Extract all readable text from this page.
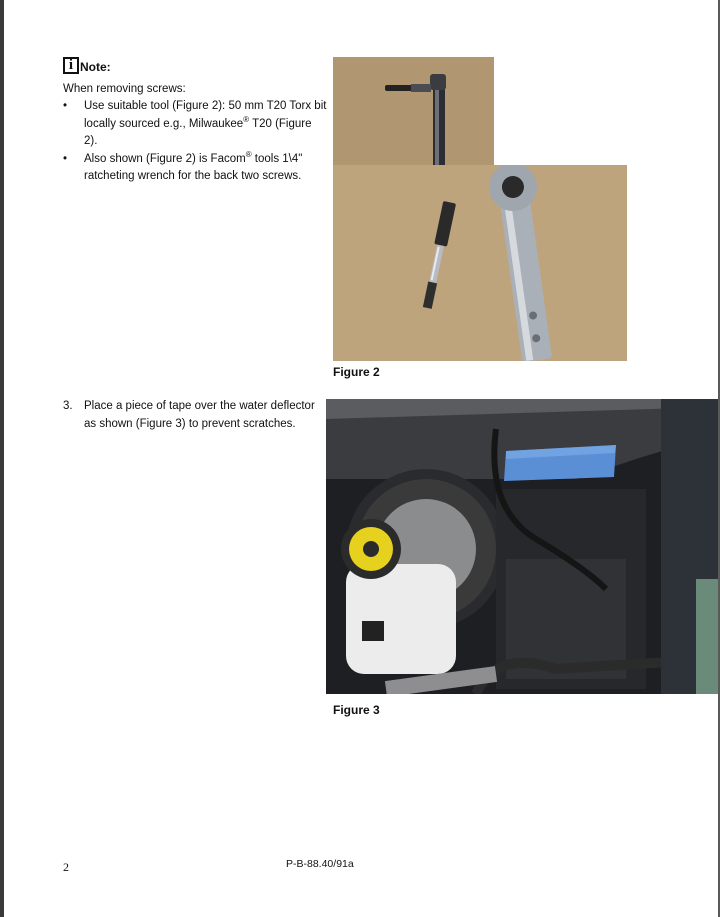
i Note:
When removing screws:
• Use suitable tool (Figure 2): 50 mm T20 Torx bit locally sourced e.g., Milwaukee® T20 (Figure 2).
• Also shown (Figure 2) is Facom® tools 1\4" ratcheting wrench for the back two screws.
Figure 2
3. Place a piece of tape over the water deflector as shown (Figure 3) to prevent scratches.
Figure 3
2	P-B-88.40/91a
